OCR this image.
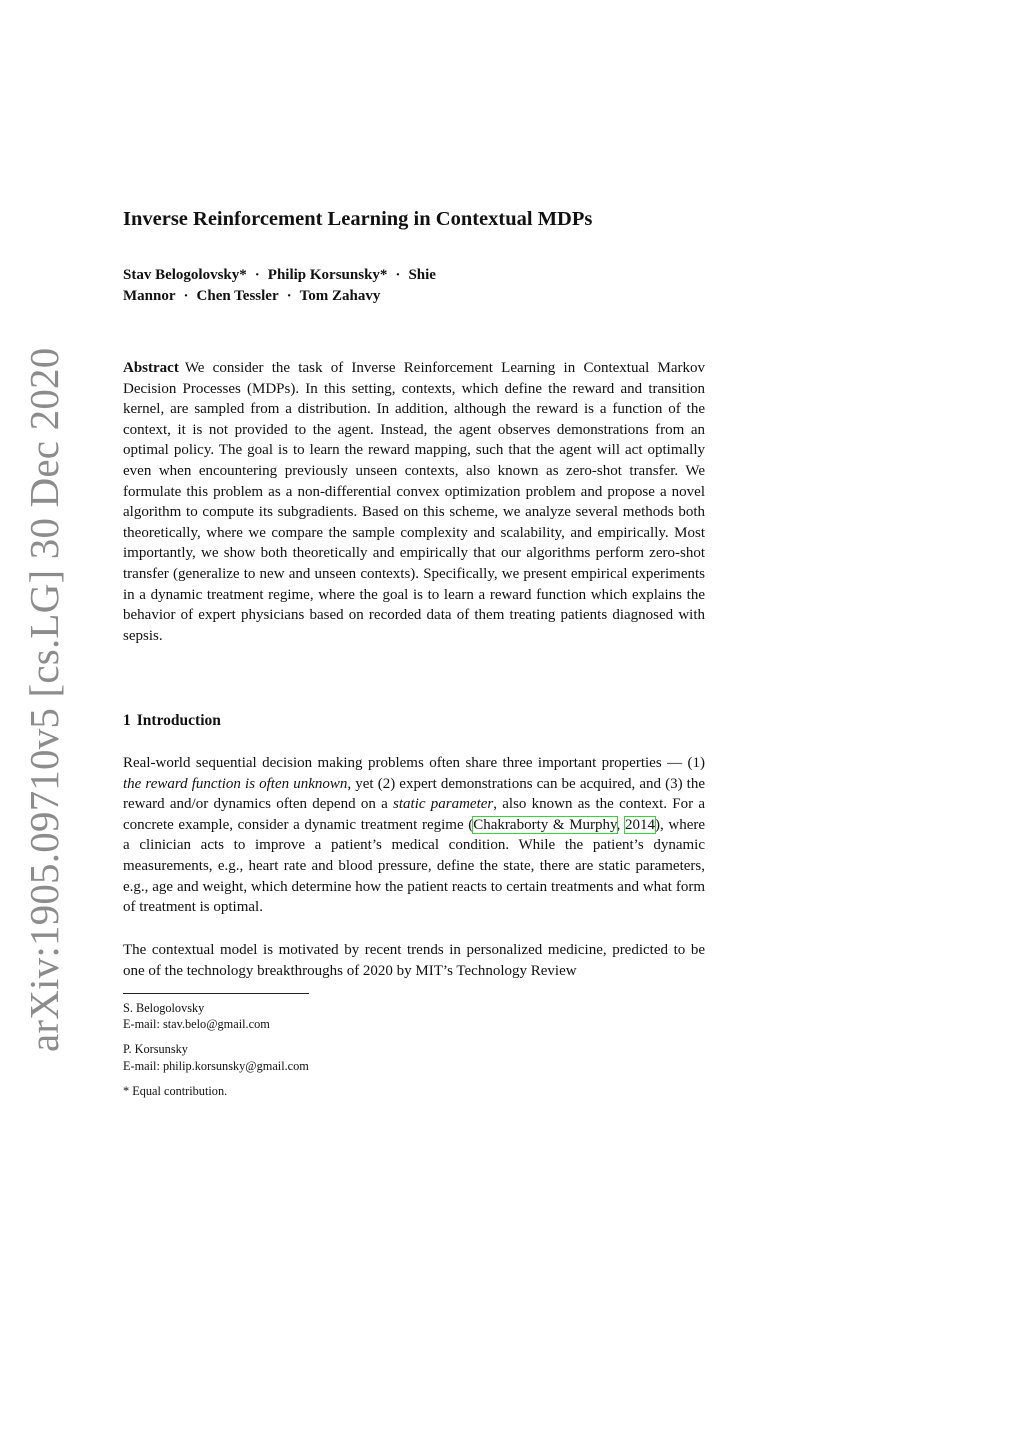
arXiv:1905.09710v5 [cs.LG] 30 Dec 2020
Inverse Reinforcement Learning in Contextual MDPs
Stav Belogolovsky* · Philip Korsunsky* · Shie
Mannor · Chen Tessler · Tom Zahavy
Abstract We consider the task of Inverse Reinforcement Learning in Contextual Markov Decision Processes (MDPs). In this setting, contexts, which define the reward and transition kernel, are sampled from a distribution. In addition, although the reward is a function of the context, it is not provided to the agent. Instead, the agent observes demonstrations from an optimal policy. The goal is to learn the reward mapping, such that the agent will act optimally even when encountering previously unseen contexts, also known as zero-shot transfer. We formulate this problem as a non-differential convex optimization problem and propose a novel algorithm to compute its subgradients. Based on this scheme, we analyze several methods both theoretically, where we compare the sample complexity and scalability, and empirically. Most importantly, we show both theoretically and empirically that our algorithms perform zero-shot transfer (generalize to new and unseen contexts). Specifically, we present empirical experiments in a dynamic treatment regime, where the goal is to learn a reward function which explains the behavior of expert physicians based on recorded data of them treating patients diagnosed with sepsis.
1 Introduction
Real-world sequential decision making problems often share three important properties — (1) the reward function is often unknown, yet (2) expert demonstrations can be acquired, and (3) the reward and/or dynamics often depend on a static parameter, also known as the context. For a concrete example, consider a dynamic treatment regime (Chakraborty & Murphy, 2014), where a clinician acts to improve a patient’s medical condition. While the patient’s dynamic measurements, e.g., heart rate and blood pressure, define the state, there are static parameters, e.g., age and weight, which determine how the patient reacts to certain treatments and what form of treatment is optimal.
The contextual model is motivated by recent trends in personalized medicine, predicted to be one of the technology breakthroughs of 2020 by MIT’s Technology Review
S. Belogolovsky
E-mail: stav.belo@gmail.com
P. Korsunsky
E-mail: philip.korsunsky@gmail.com
* Equal contribution.
